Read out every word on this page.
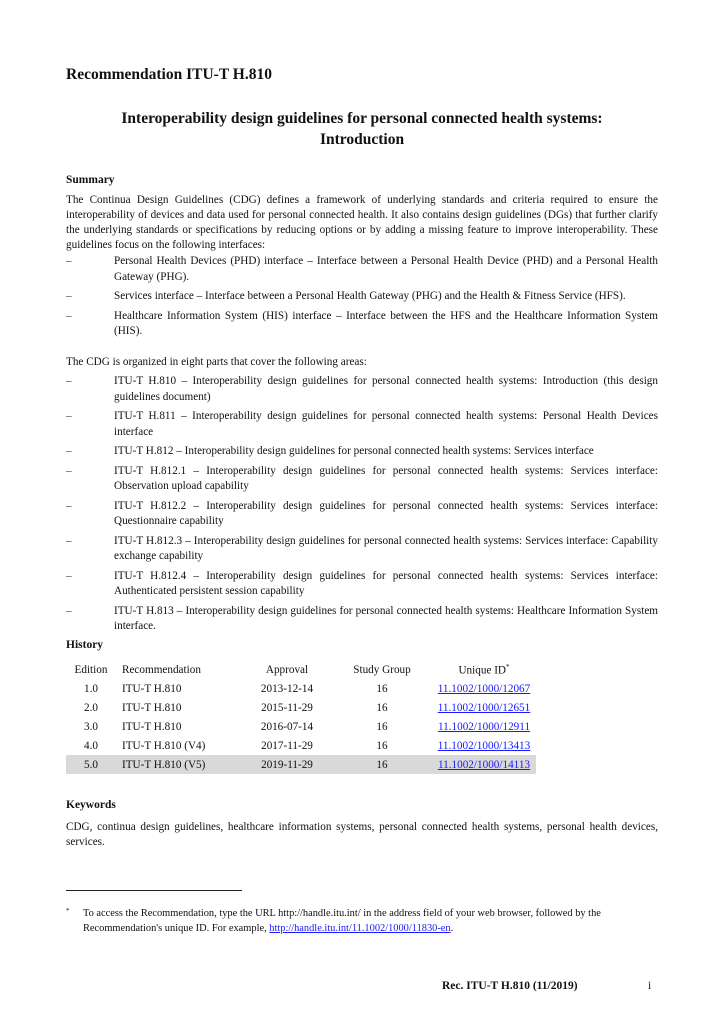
Recommendation ITU-T H.810
Interoperability design guidelines for personal connected health systems:
Introduction
Summary
The Continua Design Guidelines (CDG) defines a framework of underlying standards and criteria required to ensure the interoperability of devices and data used for personal connected health. It also contains design guidelines (DGs) that further clarify the underlying standards or specifications by reducing options or by adding a missing feature to improve interoperability. These guidelines focus on the following interfaces:
–	Personal Health Devices (PHD) interface – Interface between a Personal Health Device (PHD) and a Personal Health Gateway (PHG).
–	Services interface – Interface between a Personal Health Gateway (PHG) and the Health & Fitness Service (HFS).
–	Healthcare Information System (HIS) interface – Interface between the HFS and the Healthcare Information System (HIS).
The CDG is organized in eight parts that cover the following areas:
–	ITU-T H.810 – Interoperability design guidelines for personal connected health systems: Introduction (this design guidelines document)
–	ITU-T H.811 – Interoperability design guidelines for personal connected health systems: Personal Health Devices interface
–	ITU-T H.812 – Interoperability design guidelines for personal connected health systems: Services interface
–	ITU-T H.812.1 – Interoperability design guidelines for personal connected health systems: Services interface: Observation upload capability
–	ITU-T H.812.2 – Interoperability design guidelines for personal connected health systems: Services interface: Questionnaire capability
–	ITU-T H.812.3 – Interoperability design guidelines for personal connected health systems: Services interface: Capability exchange capability
–	ITU-T H.812.4 – Interoperability design guidelines for personal connected health systems: Services interface: Authenticated persistent session capability
–	ITU-T H.813 – Interoperability design guidelines for personal connected health systems: Healthcare Information System interface.
History
Edition	Recommendation	Approval	Study Group	Unique ID*
1.0	ITU-T H.810	2013-12-14	16	11.1002/1000/12067
2.0	ITU-T H.810	2015-11-29	16	11.1002/1000/12651
3.0	ITU-T H.810	2016-07-14	16	11.1002/1000/12911
4.0	ITU-T H.810 (V4)	2017-11-29	16	11.1002/1000/13413
5.0	ITU-T H.810 (V5)	2019-11-29	16	11.1002/1000/14113
Keywords
CDG, continua design guidelines, healthcare information systems, personal connected health systems, personal health devices, services.
*	To access the Recommendation, type the URL http://handle.itu.int/ in the address field of your web browser, followed by the Recommendation's unique ID. For example, http://handle.itu.int/11.1002/1000/11830-en.
Rec. ITU-T H.810 (11/2019)	i
